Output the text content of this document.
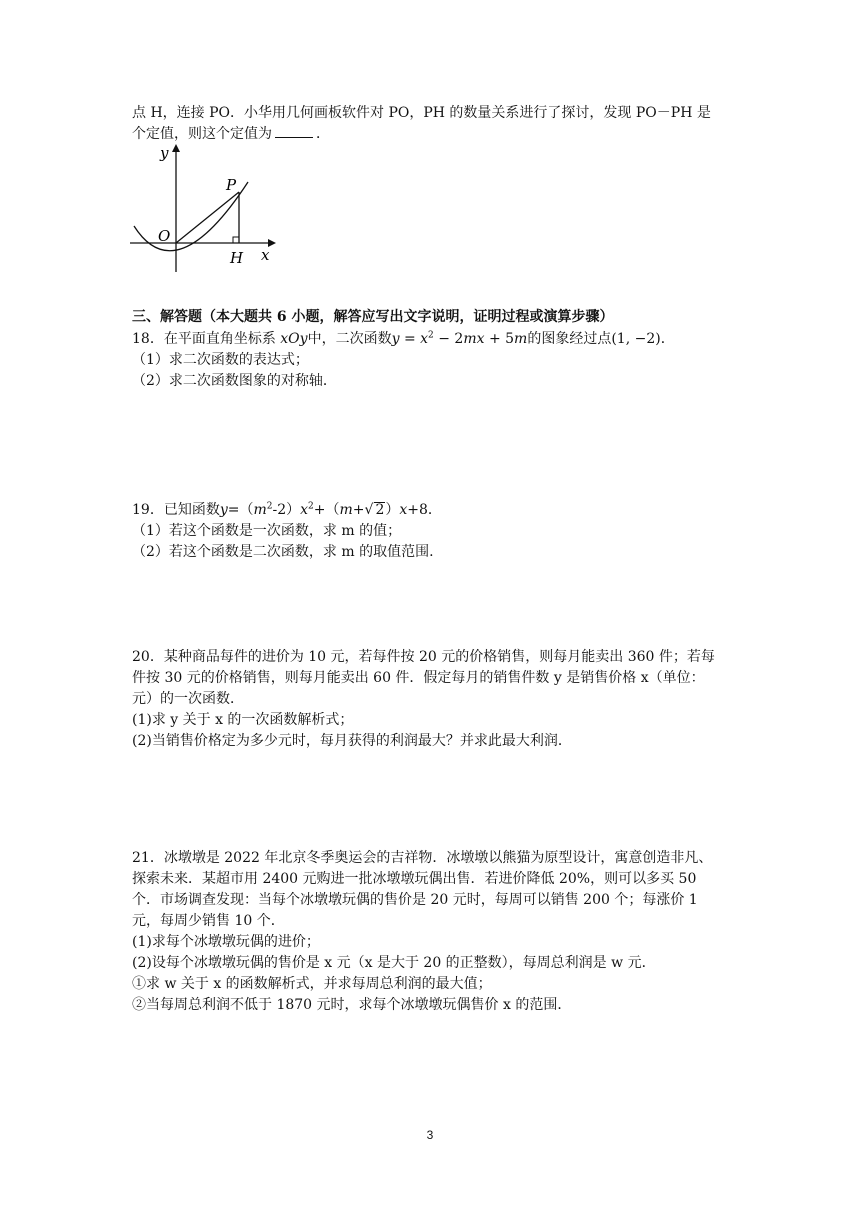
点 H，连接 PO．小华用几何画板软件对 PO，PH 的数量关系进行了探讨，发现 PO－PH 是
个定值，则这个定值为	．
y
x
O
P
H
三、解答题（本大题共 6 小题，解答应写出文字说明，证明过程或演算步骤）
18．在平面直角坐标系 xOy中，二次函数$y = x^2 - 2mx + 5m$的图象经过点(1, −2)．
（1）求二次函数的表达式；
（2）求二次函数图象的对称轴．
19．已知函数$y=(m^2-2)x^2+(m+√$ 2）x+8．
（1）若这个函数是一次函数，求 m 的值；
（2）若这个函数是二次函数，求 m 的取值范围.
20．某种商品每件的进价为 10 元，若每件按 20 元的价格销售，则每月能卖出 360 件；若每
件按 30 元的价格销售，则每月能卖出 60 件．假定每月的销售件数 y 是销售价格 x（单位：
元）的一次函数．
(1)求 y 关于 x 的一次函数解析式；
(2)当销售价格定为多少元时，每月获得的利润最大？并求此最大利润．
21．冰墩墩是 2022 年北京冬季奥运会的吉祥物．冰墩墩以熊猫为原型设计，寓意创造非凡、
探索未来．某超市用 2400 元购进一批冰墩墩玩偶出售．若进价降低 20%，则可以多买 50
个．市场调查发现：当每个冰墩墩玩偶的售价是 20 元时，每周可以销售 200 个；每涨价 1
元，每周少销售 10 个．
(1)求每个冰墩墩玩偶的进价；
(2)设每个冰墩墩玩偶的售价是 x 元（x 是大于 20 的正整数），每周总利润是 w 元．
①求 w 关于 x 的函数解析式，并求每周总利润的最大值；
②当每周总利润不低于 1870 元时，求每个冰墩墩玩偶售价 x 的范围．
3
